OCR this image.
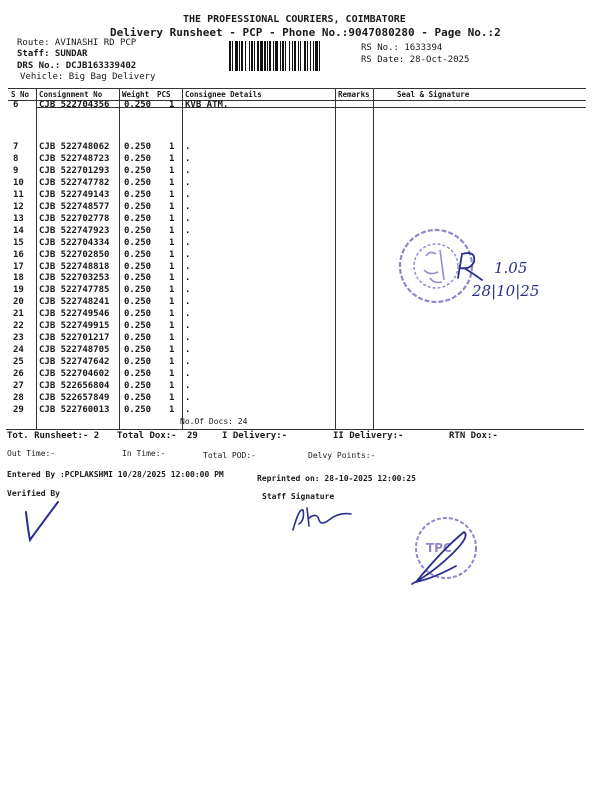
THE PROFESSIONAL COURIERS, COIMBATORE
Delivery Runsheet - PCP - Phone No.:9047080280 - Page No.:2
Route: AVINASHI RD PCP
Staff: SUNDAR
DRS No.: DCJB163339402
Vehicle: Big Bag Delivery
RS No.: 1633394
RS Date: 28-Oct-2025
S No Consignment No	Weight PCS Consignee Details	Remarks	Seal & Signature
6 CJB 522704356 0.250 1 KVB ATM.
7 CJB 522748062 0.250 1 .
8 CJB 522748723 0.250 1 .
9 CJB 522701293 0.250 1 .
10 CJB 522747782 0.250 1 .
11 CJB 522749143 0.250 1 .
12 CJB 522748577 0.250 1 .
13 CJB 522702778 0.250 1 .
14 CJB 522747923 0.250 1 .
15 CJB 522704334 0.250 1 .
16 CJB 522702850 0.250 1 .
17 CJB 522748818 0.250 1 .
18 CJB 522703253 0.250 1 .
19 CJB 522747785 0.250 1 .
20 CJB 522748241 0.250 1 .
21 CJB 522749546 0.250 1 .
22 CJB 522749915 0.250 1 .
23 CJB 522701217 0.250 1 .
24 CJB 522748705 0.250 1 .
25 CJB 522747642 0.250 1 .
26 CJB 522704602 0.250 1 .
27 CJB 522656804 0.250 1 .
28 CJB 522657849 0.250 1 .
29 CJB 522760013 0.250 1 .
No.Of Docs: 24
Tot. Runsheet:- 2 Total Dox:- 29	I Delivery:-	II Delivery:-	RTN Dox:-
Out Time:-	In Time:-	Total POD:-	Delvy Points:-
Entered By :PCPLAKSHMI 10/28/2025 12:00:00 PM	Reprinted on: 28-10-2025 12:00:25
Verified By	Staff Signature
1.05
28|10|25
TPC
